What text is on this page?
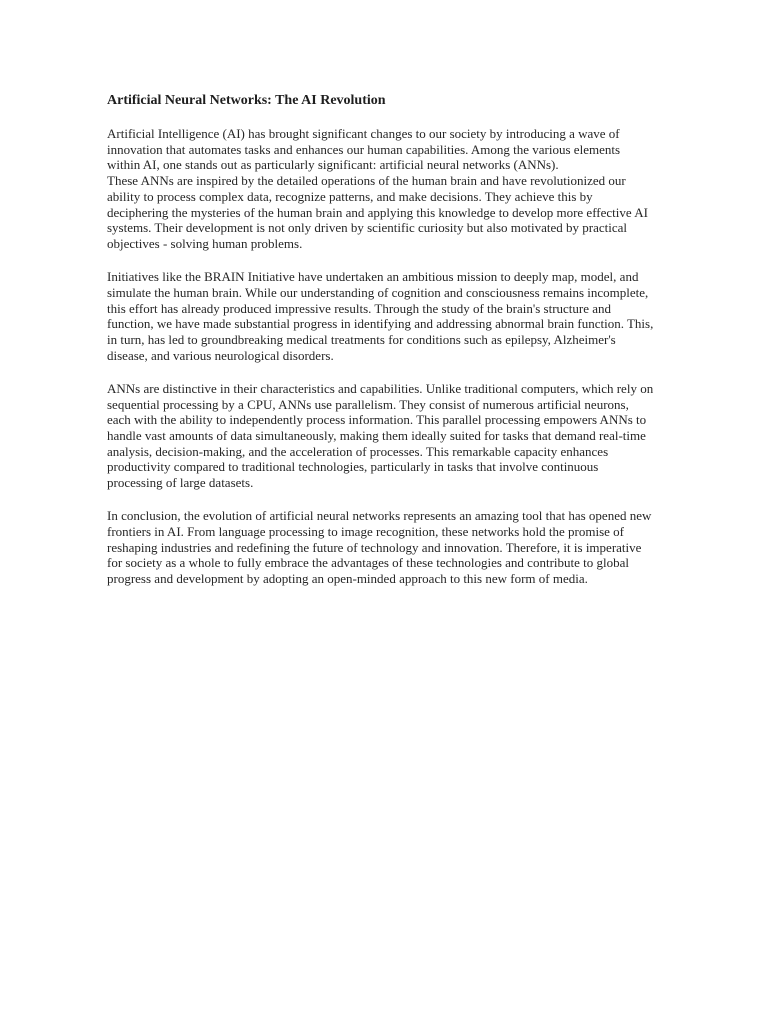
Artificial Neural Networks: The AI Revolution
Artificial Intelligence (AI) has brought significant changes to our society by introducing a wave of
innovation that automates tasks and enhances our human capabilities. Among the various elements
within AI, one stands out as particularly significant: artificial neural networks (ANNs).
These ANNs are inspired by the detailed operations of the human brain and have revolutionized our
ability to process complex data, recognize patterns, and make decisions. They achieve this by
deciphering the mysteries of the human brain and applying this knowledge to develop more effective AI
systems. Their development is not only driven by scientific curiosity but also motivated by practical
objectives - solving human problems.
Initiatives like the BRAIN Initiative have undertaken an ambitious mission to deeply map, model, and
simulate the human brain. While our understanding of cognition and consciousness remains incomplete,
this effort has already produced impressive results. Through the study of the brain's structure and
function, we have made substantial progress in identifying and addressing abnormal brain function. This,
in turn, has led to groundbreaking medical treatments for conditions such as epilepsy, Alzheimer's
disease, and various neurological disorders.
ANNs are distinctive in their characteristics and capabilities. Unlike traditional computers, which rely on
sequential processing by a CPU, ANNs use parallelism. They consist of numerous artificial neurons,
each with the ability to independently process information. This parallel processing empowers ANNs to
handle vast amounts of data simultaneously, making them ideally suited for tasks that demand real-time
analysis, decision-making, and the acceleration of processes. This remarkable capacity enhances
productivity compared to traditional technologies, particularly in tasks that involve continuous
processing of large datasets.
In conclusion, the evolution of artificial neural networks represents an amazing tool that has opened new
frontiers in AI. From language processing to image recognition, these networks hold the promise of
reshaping industries and redefining the future of technology and innovation. Therefore, it is imperative
for society as a whole to fully embrace the advantages of these technologies and contribute to global
progress and development by adopting an open-minded approach to this new form of media.
